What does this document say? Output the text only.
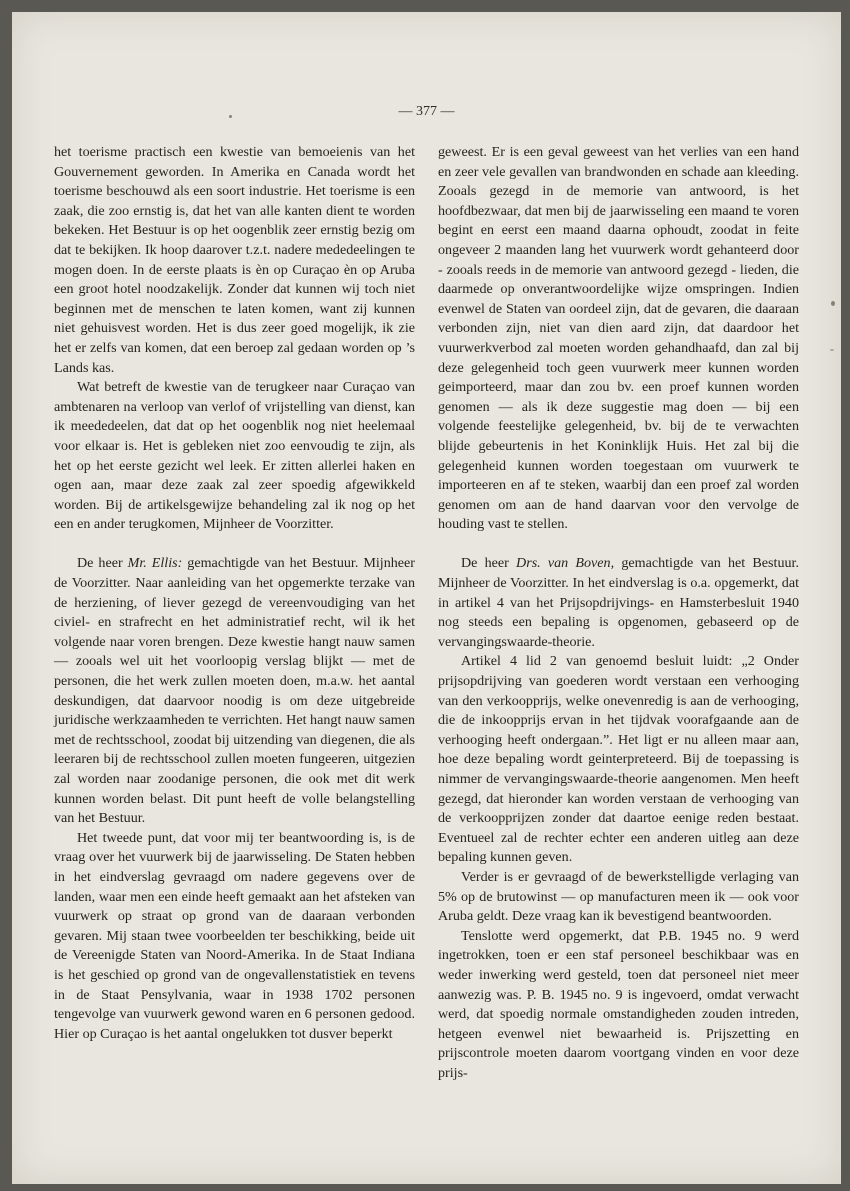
— 377 —

het toerisme practisch een kwestie van bemoeienis van het Gouvernement geworden. In Amerika en Canada wordt het toerisme beschouwd als een soort industrie. Het toerisme is een zaak, die zoo ernstig is, dat het van alle kanten dient te worden bekeken. Het Bestuur is op het oogenblik zeer ernstig bezig om dat te bekijken. Ik hoop daarover t.z.t. nadere mededeelingen te mogen doen. In de eerste plaats is èn op Curaçao èn op Aruba een groot hotel noodzakelijk. Zonder dat kunnen wij toch niet beginnen met de menschen te laten komen, want zij kunnen niet gehuisvest worden. Het is dus zeer goed mogelijk, ik zie het er zelfs van komen, dat een beroep zal gedaan worden op ’s Lands kas.

Wat betreft de kwestie van de terugkeer naar Curaçao van ambtenaren na verloop van verlof of vrijstelling van dienst, kan ik meededeelen, dat dat op het oogenblik nog niet heelemaal voor elkaar is. Het is gebleken niet zoo eenvoudig te zijn, als het op het eerste gezicht wel leek. Er zitten allerlei haken en ogen aan, maar deze zaak zal zeer spoedig afgewikkeld worden. Bij de artikelsgewijze behandeling zal ik nog op het een en ander terugkomen, Mijnheer de Voorzitter.

De heer Mr. Ellis: gemachtigde van het Bestuur. Mijnheer de Voorzitter. Naar aanleiding van het opgemerkte terzake van de herziening, of liever gezegd de vereenvoudiging van het civiel- en strafrecht en het administratief recht, wil ik het volgende naar voren brengen. Deze kwestie hangt nauw samen — zooals wel uit het voorloopig verslag blijkt — met de personen, die het werk zullen moeten doen, m.a.w. het aantal deskundigen, dat daarvoor noodig is om deze uitgebreide juridische werkzaamheden te verrichten. Het hangt nauw samen met de rechtsschool, zoodat bij uitzending van diegenen, die als leeraren bij de rechtsschool zullen moeten fungeeren, uitgezien zal worden naar zoodanige personen, die ook met dit werk kunnen worden belast. Dit punt heeft de volle belangstelling van het Bestuur.

Het tweede punt, dat voor mij ter beantwoording is, is de vraag over het vuurwerk bij de jaarwisseling. De Staten hebben in het eindverslag gevraagd om nadere gegevens over de landen, waar men een einde heeft gemaakt aan het afsteken van vuurwerk op straat op grond van de daaraan verbonden gevaren. Mij staan twee voorbeelden ter beschikking, beide uit de Vereenigde Staten van Noord-Amerika. In de Staat Indiana is het geschied op grond van de ongevallenstatistiek en tevens in de Staat Pensylvania, waar in 1938 1702 personen tengevolge van vuurwerk gewond waren en 6 personen gedood. Hier op Curaçao is het aantal ongelukken tot dusver beperkt

geweest. Er is een geval geweest van het verlies van een hand en zeer vele gevallen van brandwonden en schade aan kleeding. Zooals gezegd in de memorie van antwoord, is het hoofdbezwaar, dat men bij de jaarwisseling een maand te voren begint en eerst een maand daarna ophoudt, zoodat in feite ongeveer 2 maanden lang het vuurwerk wordt gehanteerd door - zooals reeds in de memorie van antwoord gezegd - lieden, die daarmede op onverantwoordelijke wijze omspringen. Indien evenwel de Staten van oordeel zijn, dat de gevaren, die daaraan verbonden zijn, niet van dien aard zijn, dat daardoor het vuurwerkverbod zal moeten worden gehandhaafd, dan zal bij deze gelegenheid toch geen vuurwerk meer kunnen worden geimporteerd, maar dan zou bv. een proef kunnen worden genomen — als ik deze suggestie mag doen — bij een volgende feestelijke gelegenheid, bv. bij de te verwachten blijde gebeurtenis in het Koninklijk Huis. Het zal bij die gelegenheid kunnen worden toegestaan om vuurwerk te importeeren en af te steken, waarbij dan een proef zal worden genomen om aan de hand daarvan voor den vervolge de houding vast te stellen.

De heer Drs. van Boven, gemachtigde van het Bestuur. Mijnheer de Voorzitter. In het eindverslag is o.a. opgemerkt, dat in artikel 4 van het Prijsopdrijvings- en Hamsterbesluit 1940 nog steeds een bepaling is opgenomen, gebaseerd op de vervangingswaarde-theorie.

Artikel 4 lid 2 van genoemd besluit luidt: „2 Onder prijsopdrijving van goederen wordt verstaan een verhooging van den verkoopprijs, welke onevenredig is aan de verhooging, die de inkoopprijs ervan in het tijdvak voorafgaande aan de verhooging heeft ondergaan.”. Het ligt er nu alleen maar aan, hoe deze bepaling wordt geinterpreteerd. Bij de toepassing is nimmer de vervangingswaarde-theorie aangenomen. Men heeft gezegd, dat hieronder kan worden verstaan de verhooging van de verkoopprijzen zonder dat daartoe eenige reden bestaat. Eventueel zal de rechter echter een anderen uitleg aan deze bepaling kunnen geven.

Verder is er gevraagd of de bewerkstelligde verlaging van 5% op de brutowinst — op manufacturen meen ik — ook voor Aruba geldt. Deze vraag kan ik bevestigend beantwoorden.

Tenslotte werd opgemerkt, dat P.B. 1945 no. 9 werd ingetrokken, toen er een staf personeel beschikbaar was en weder inwerking werd gesteld, toen dat personeel niet meer aanwezig was. P. B. 1945 no. 9 is ingevoerd, omdat verwacht werd, dat spoedig normale omstandigheden zouden intreden, hetgeen evenwel niet bewaarheid is. Prijszetting en prijscontrole moeten daarom voortgang vinden en voor deze prijs-
